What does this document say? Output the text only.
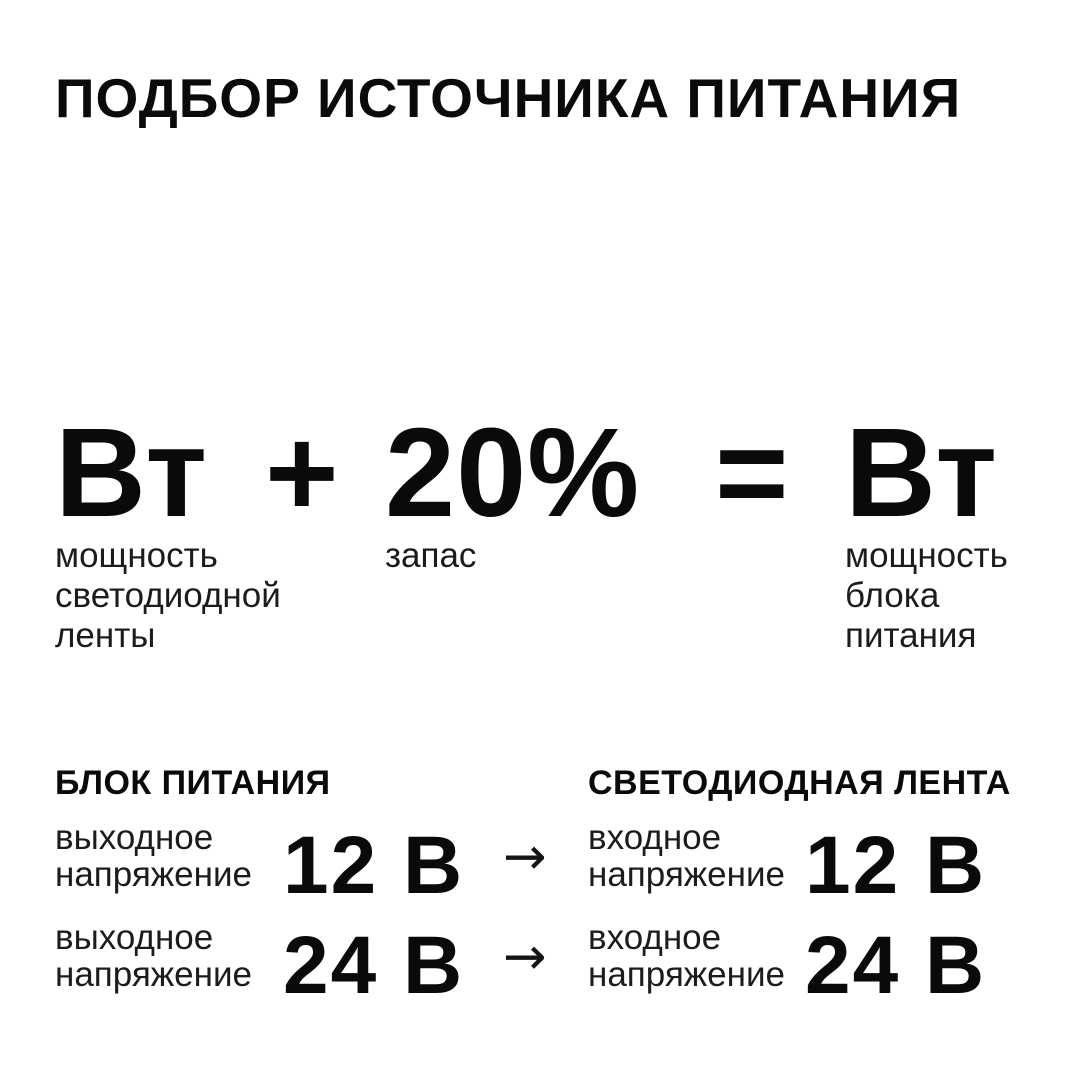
ПОДБОР ИСТОЧНИКА ПИТАНИЯ
Вт
мощность
светодиодной
ленты
+ 20%
запас
= Вт
мощность
блока
питания
БЛОК ПИТАНИЯ	СВЕТОДИОДНАЯ ЛЕНТА
выходное
напряжение 12 В → входное
напряжение 12 В
выходное
напряжение 24 В → входное
напряжение 24 В
